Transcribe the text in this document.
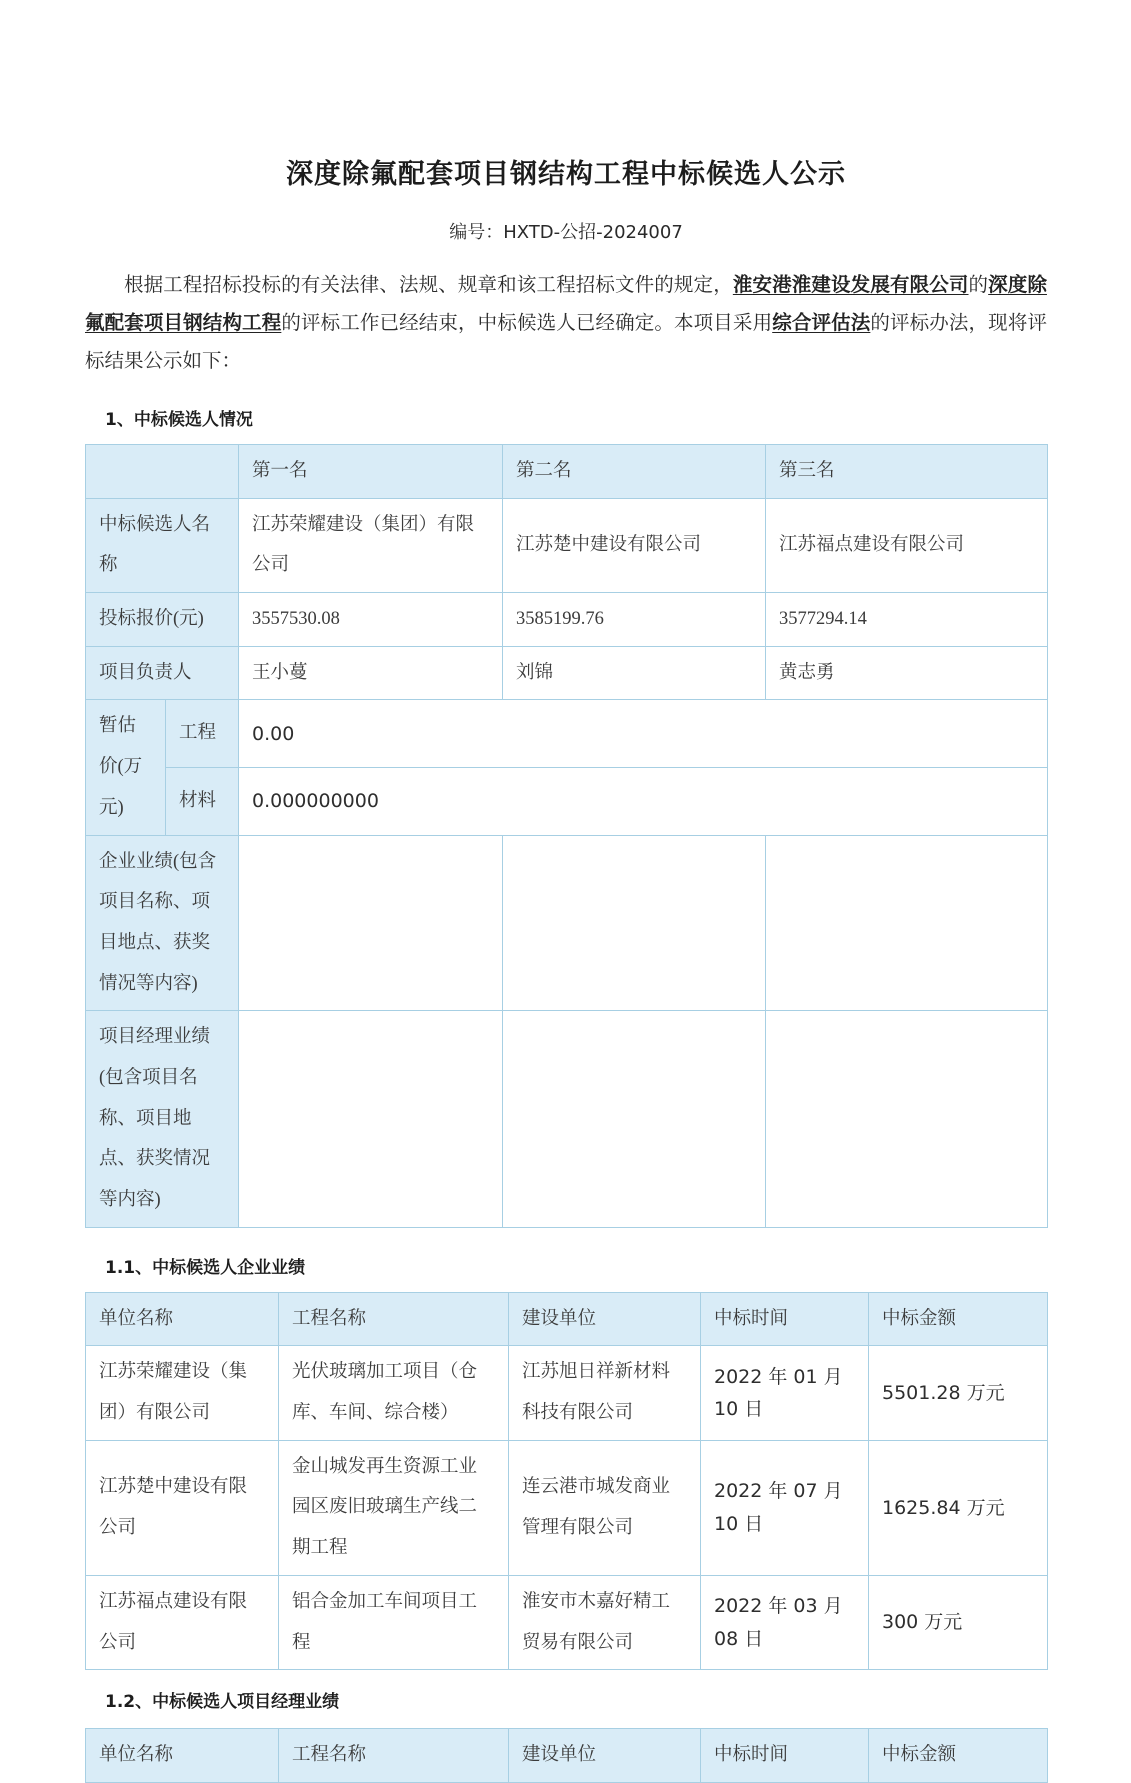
深度除氟配套项目钢结构工程中标候选人公示
编号：HXTD-公招-2024007

根据工程招标投标的有关法律、法规、规章和该工程招标文件的规定，淮安港淮建设发展有限公司的深度除氟配套项目钢结构工程的评标工作已经结束，中标候选人已经确定。本项目采用综合评估法的评标办法，现将评标结果公示如下：

1、中标候选人情况
		第一名	第二名	第三名
中标候选人名称		江苏荣耀建设（集团）有限公司	江苏楚中建设有限公司	江苏福点建设有限公司
投标报价(元)		3557530.08	3585199.76	3577294.14
项目负责人		王小蔓	刘锦	黄志勇
暂估价(万元)	工程	0.00		
	材料	0.000000000		
企业业绩(包含项目名称、项目地点、获奖情况等内容)				
项目经理业绩(包含项目名称、项目地点、获奖情况等内容)				
1.1、中标候选人企业业绩
单位名称	工程名称	建设单位	中标时间	中标金额
江苏荣耀建设（集团）有限公司	光伏玻璃加工项目（仓库、车间、综合楼）	江苏旭日祥新材料科技有限公司	2022 年 01 月 10 日	5501.28 万元
江苏楚中建设有限公司	金山城发再生资源工业园区废旧玻璃生产线二期工程	连云港市城发商业管理有限公司	2022 年 07 月 10 日	1625.84 万元
江苏福点建设有限公司	铝合金加工车间项目工程	淮安市木嘉好精工贸易有限公司	2022 年 03 月 08 日	300 万元
1.2、中标候选人项目经理业绩
单位名称	工程名称	建设单位	中标时间	中标金额
